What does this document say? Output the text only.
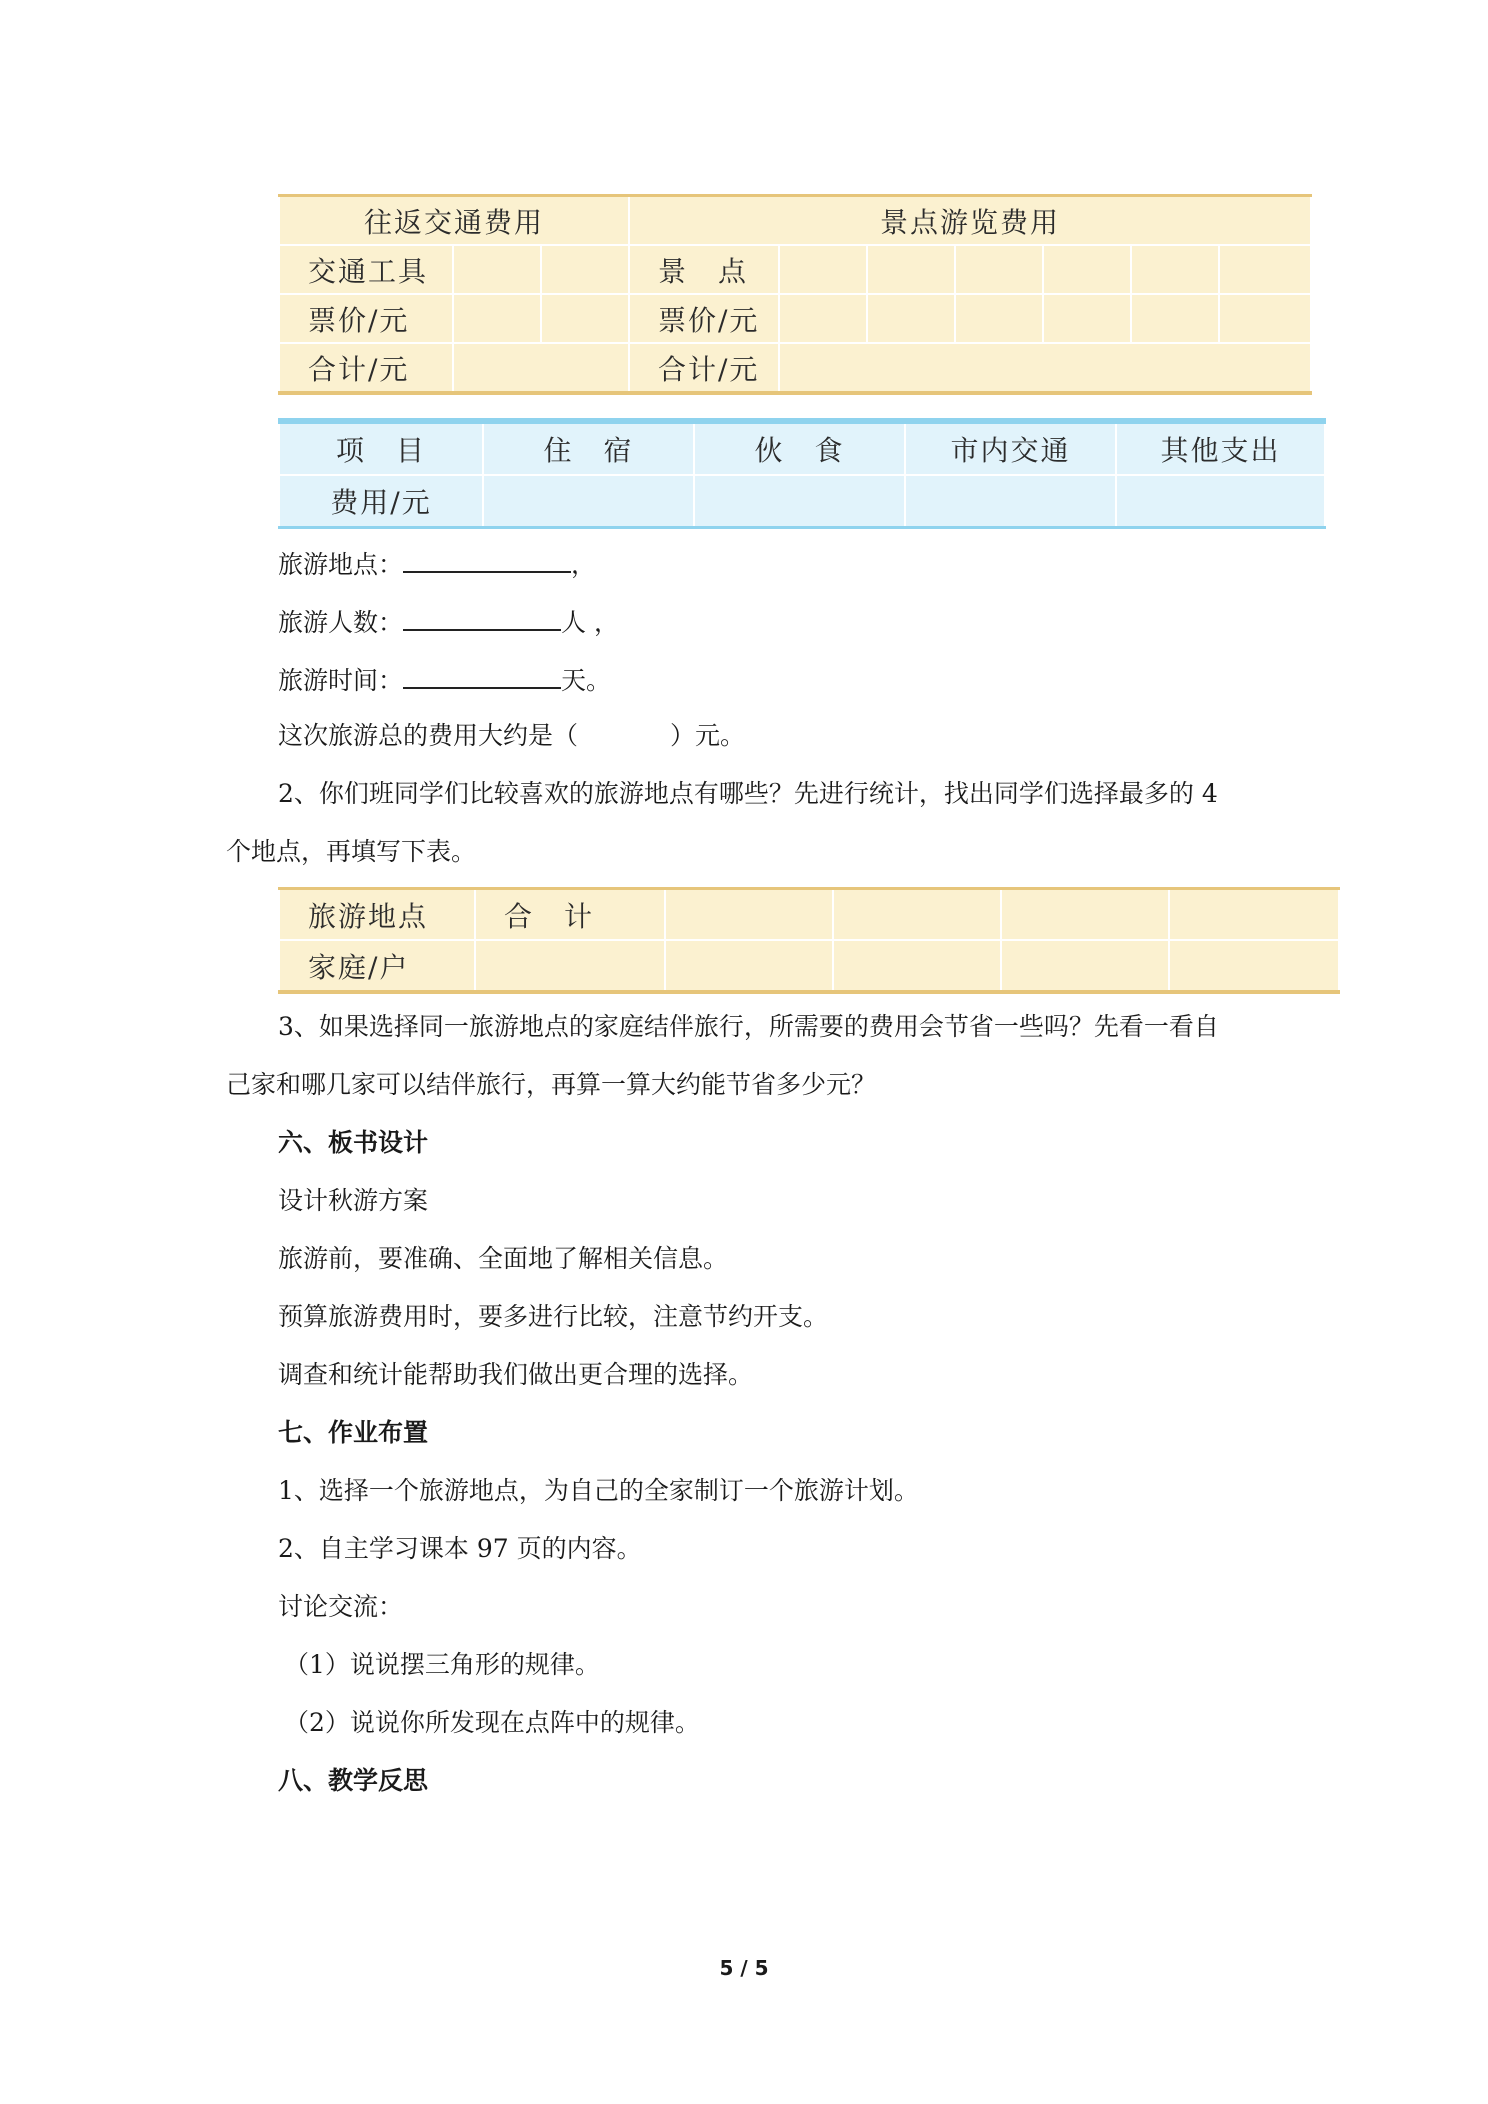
往返交通费用			景点游览费用						
交通工具			景　点						
票价/元			票价/元						
合计/元			合计/元						
项　目	住　宿	伙　食	市内交通	其他支出
费用/元				
旅游地点：	，
旅游人数：	人 ，
旅游时间：	天。
这次旅游总的费用大约是（	）元。
2、你们班同学们比较喜欢的旅游地点有哪些？先进行统计，找出同学们选择最多的 4
个地点，再填写下表。
旅游地点	合　计				
家庭/户					
3、如果选择同一旅游地点的家庭结伴旅行，所需要的费用会节省一些吗？先看一看自
己家和哪几家可以结伴旅行，再算一算大约能节省多少元？
六、板书设计
设计秋游方案
旅游前，要准确、全面地了解相关信息。
预算旅游费用时，要多进行比较，注意节约开支。
调查和统计能帮助我们做出更合理的选择。
七、作业布置
1、选择一个旅游地点，为自己的全家制订一个旅游计划。
2、自主学习课本 97 页的内容。
讨论交流：
（1）说说摆三角形的规律。
（2）说说你所发现在点阵中的规律。
八、教学反思
5 / 5
